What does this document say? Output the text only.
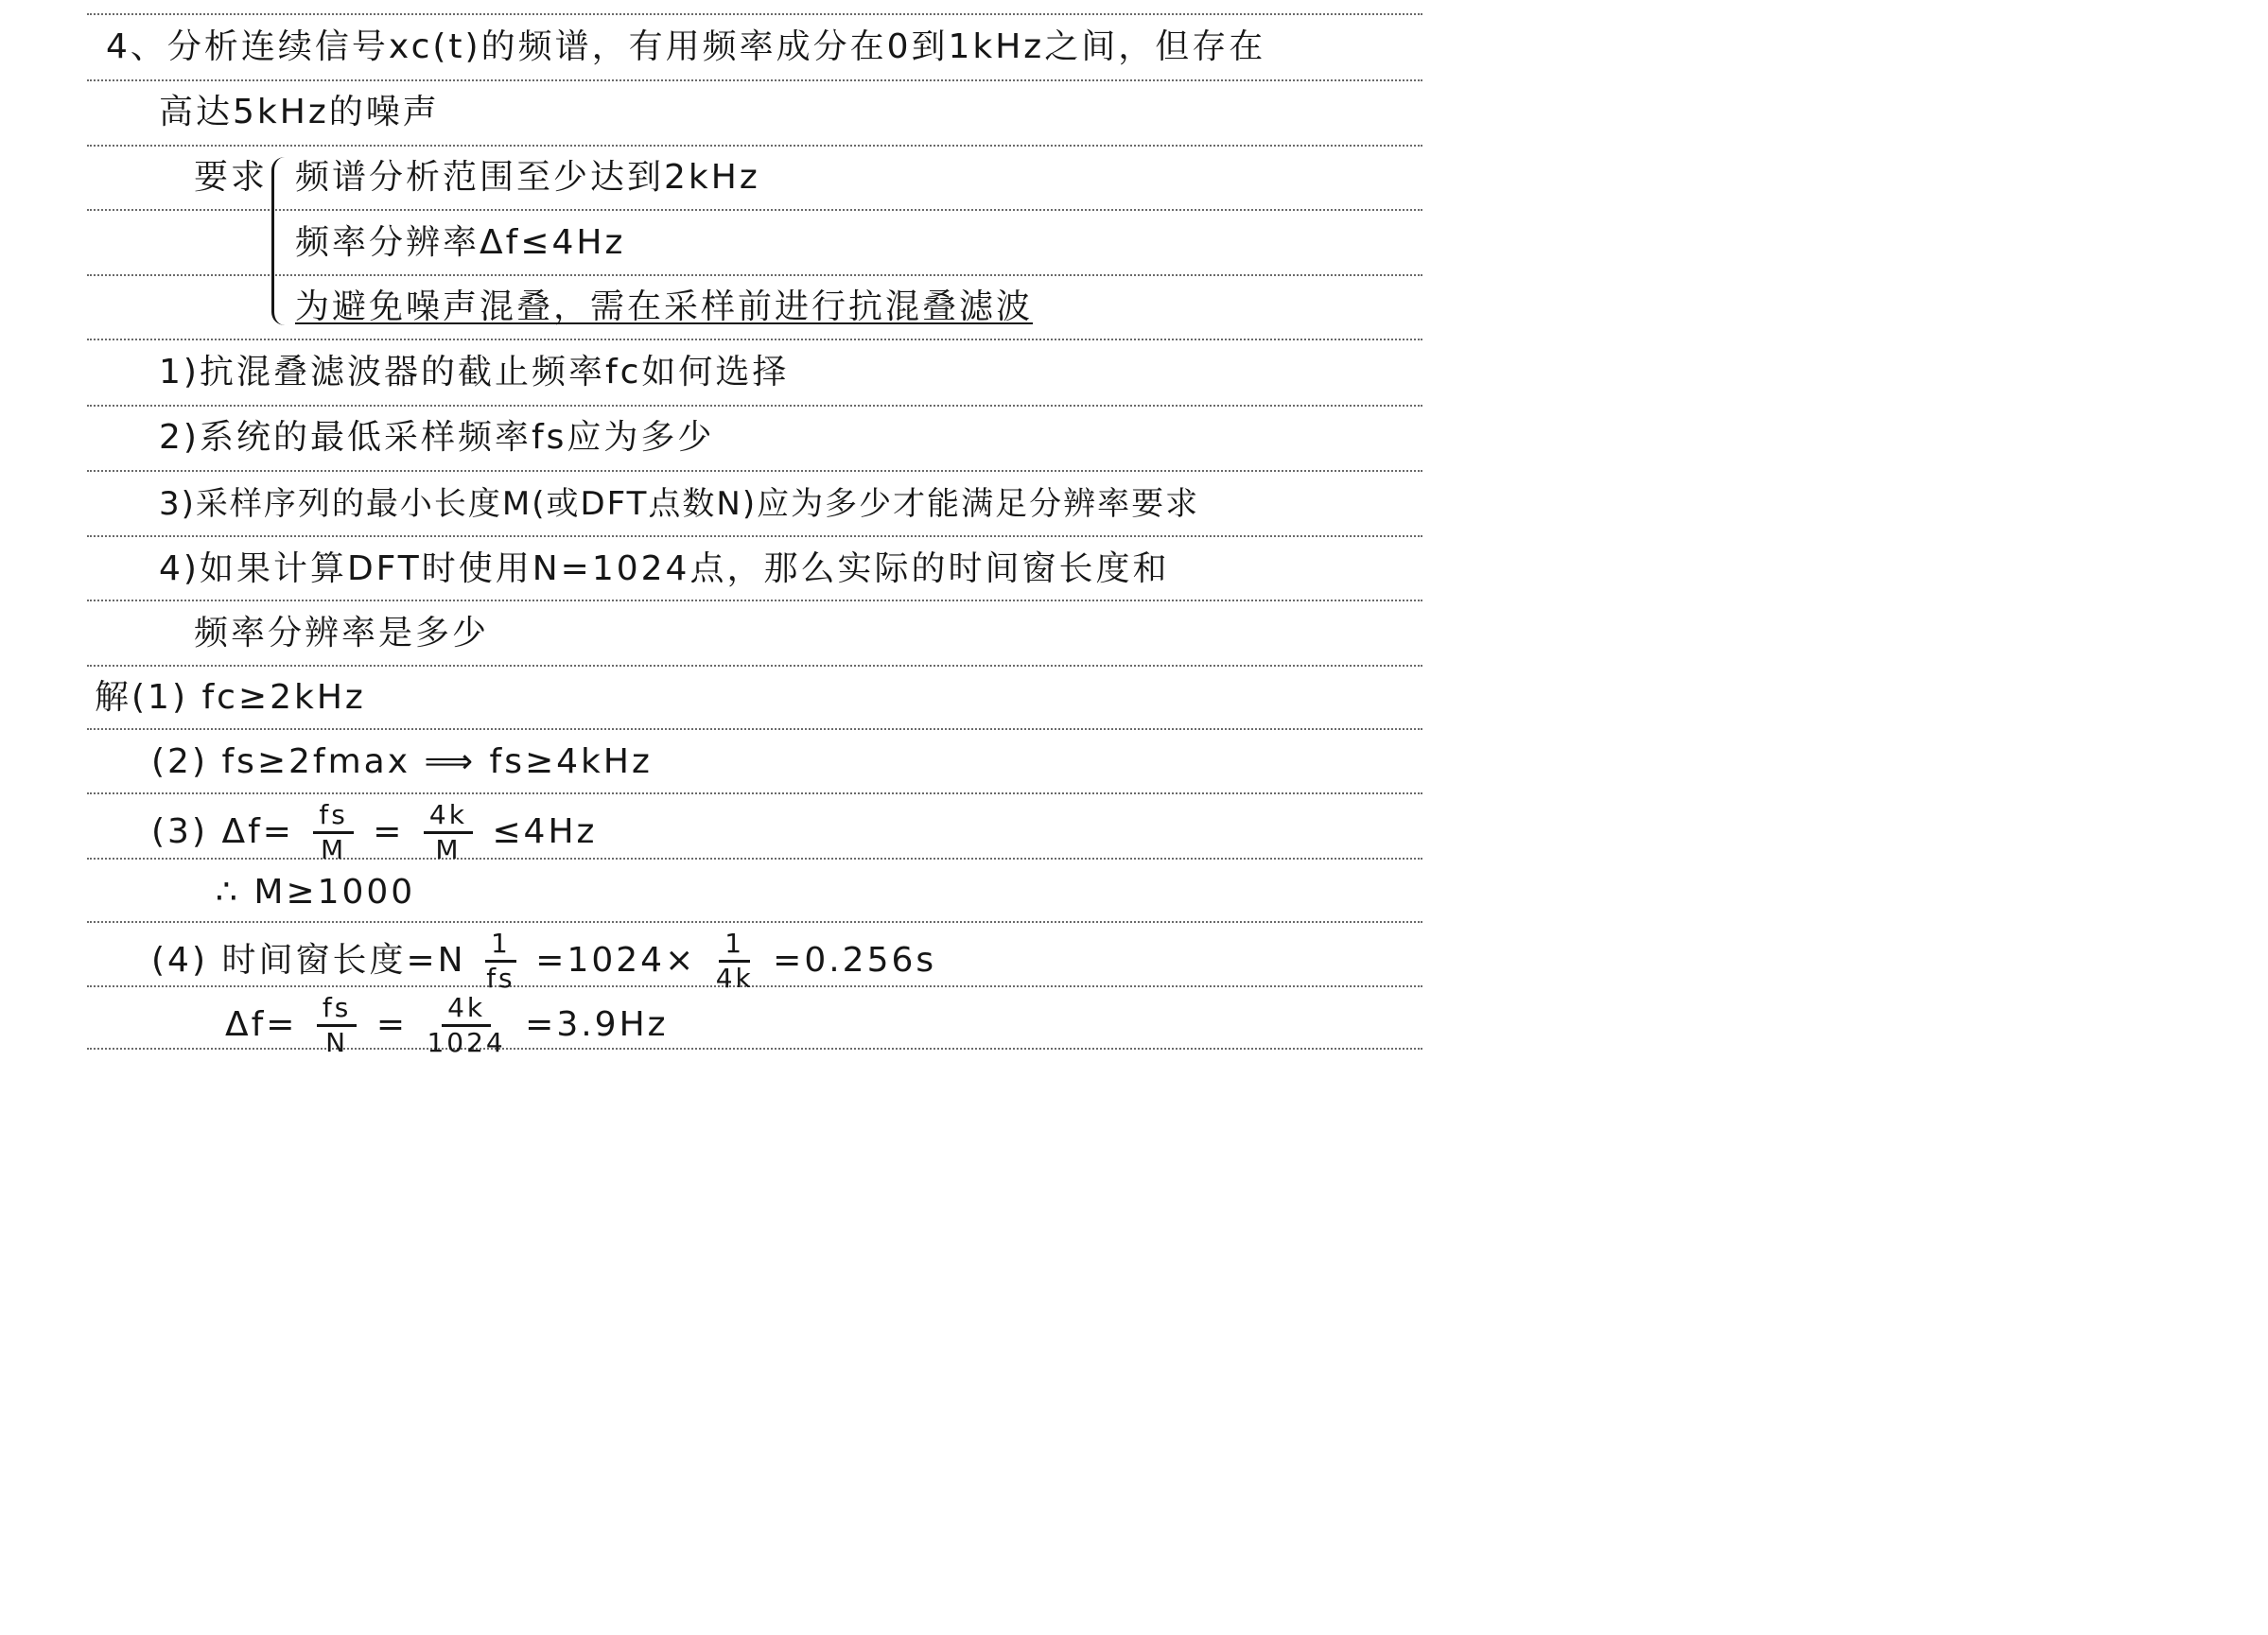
4、分析连续信号xc(t)的频谱，有用频率成分在0到1kHz之间，但存在
高达5kHz的噪声
要求 频谱分析范围至少达到2kHz
频率分辨率Δf≤4Hz
为避免噪声混叠，需在采样前进行抗混叠滤波
1)抗混叠滤波器的截止频率fc如何选择
2)系统的最低采样频率fs应为多少
3)采样序列的最小长度M(或DFT点数N)应为多少才能满足分辨率要求
4)如果计算DFT时使用N=1024点，那么实际的时间窗长度和
频率分辨率是多少
解(1) fc≥2kHz
(2) fs≥2fmax ⟹ fs≥4kHz
(3) $\Delta f= \frac{fs}{M} = \frac{4k}{M} \le 4Hz$
∴ M≥1000
(4) 时间窗长度$=N \frac{1}{fs} =1024\times \frac{1}{4k} =0.256s$
$\Delta f= \frac{fs}{N} = \frac{4k}{1024} =3.9Hz$
